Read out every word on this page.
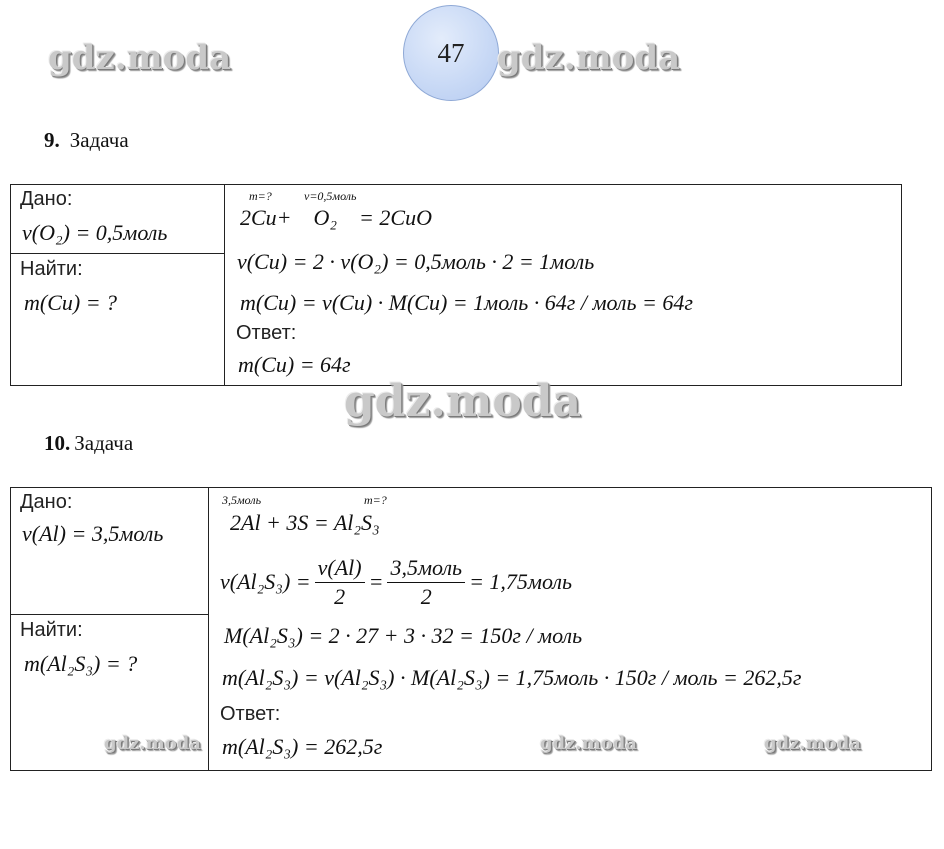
gdz.moda	47 gdz.moda
9. Задача
Дано:
ν(O₂) = 0,5моль
Найти:
m(Cu) = ?
m=?	ν=0,5моль
2Cu+    O₂    = 2CuO
ν(Cu) = 2 · ν(O₂) = 0,5моль · 2 = 1моль
m(Cu) = ν(Cu) · M(Cu) = 1моль · 64г / моль = 64г
Ответ:
m(Cu) = 64г
gdz.moda
10. Задача
Дано:
ν(Al) = 3,5моль
Найти:
m(Al₂S₃) = ?
gdz.moda
3,5моль	m=?
2Al + 3S = Al₂S₃
$\nu(Al_2S_3) = \frac{\nu(Al)}{2} = \frac{\text{3,5моль}}{2}$ = 1,75моль
M(Al₂S₃) = 2 · 27 + 3 · 32 = 150г / моль
m(Al₂S₃) = ν(Al₂S₃) · M(Al₂S₃) = 1,75моль · 150г / моль = 262,5г
Ответ:
m(Al₂S₃) = 262,5г	gdz.moda	gdz.moda
